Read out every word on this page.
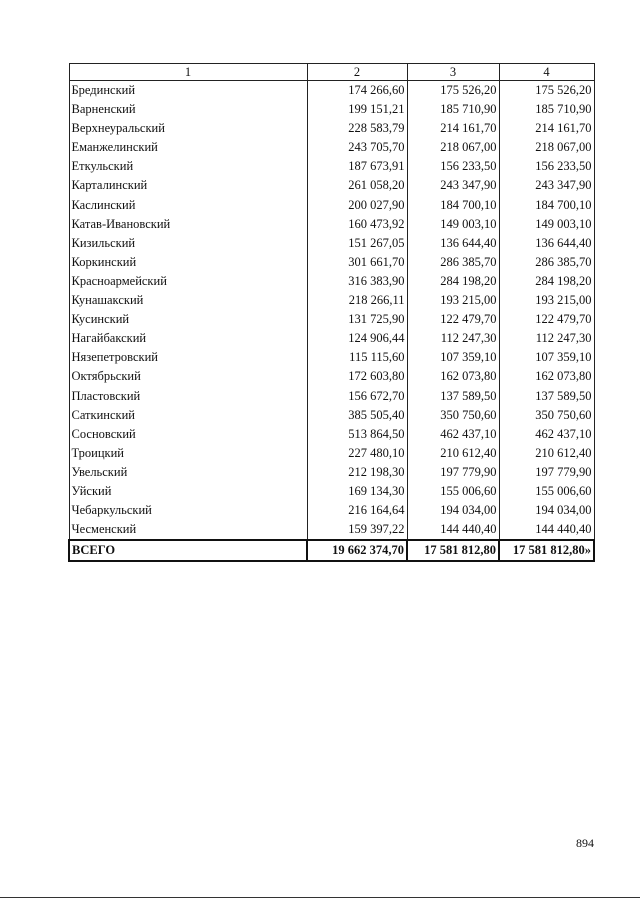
1	2	3	4
Брединский	174 266,60	175 526,20	175 526,20
Варненский	199 151,21	185 710,90	185 710,90
Верхнеуральский	228 583,79	214 161,70	214 161,70
Еманжелинский	243 705,70	218 067,00	218 067,00
Еткульский	187 673,91	156 233,50	156 233,50
Карталинский	261 058,20	243 347,90	243 347,90
Каслинский	200 027,90	184 700,10	184 700,10
Катав-Ивановский	160 473,92	149 003,10	149 003,10
Кизильский	151 267,05	136 644,40	136 644,40
Коркинский	301 661,70	286 385,70	286 385,70
Красноармейский	316 383,90	284 198,20	284 198,20
Кунашакский	218 266,11	193 215,00	193 215,00
Кусинский	131 725,90	122 479,70	122 479,70
Нагайбакский	124 906,44	112 247,30	112 247,30
Нязепетровский	115 115,60	107 359,10	107 359,10
Октябрьский	172 603,80	162 073,80	162 073,80
Пластовский	156 672,70	137 589,50	137 589,50
Саткинский	385 505,40	350 750,60	350 750,60
Сосновский	513 864,50	462 437,10	462 437,10
Троицкий	227 480,10	210 612,40	210 612,40
Увельский	212 198,30	197 779,90	197 779,90
Уйский	169 134,30	155 006,60	155 006,60
Чебаркульский	216 164,64	194 034,00	194 034,00
Чесменский	159 397,22	144 440,40	144 440,40
ВСЕГО	19 662 374,70	17 581 812,80	17 581 812,80»
894
